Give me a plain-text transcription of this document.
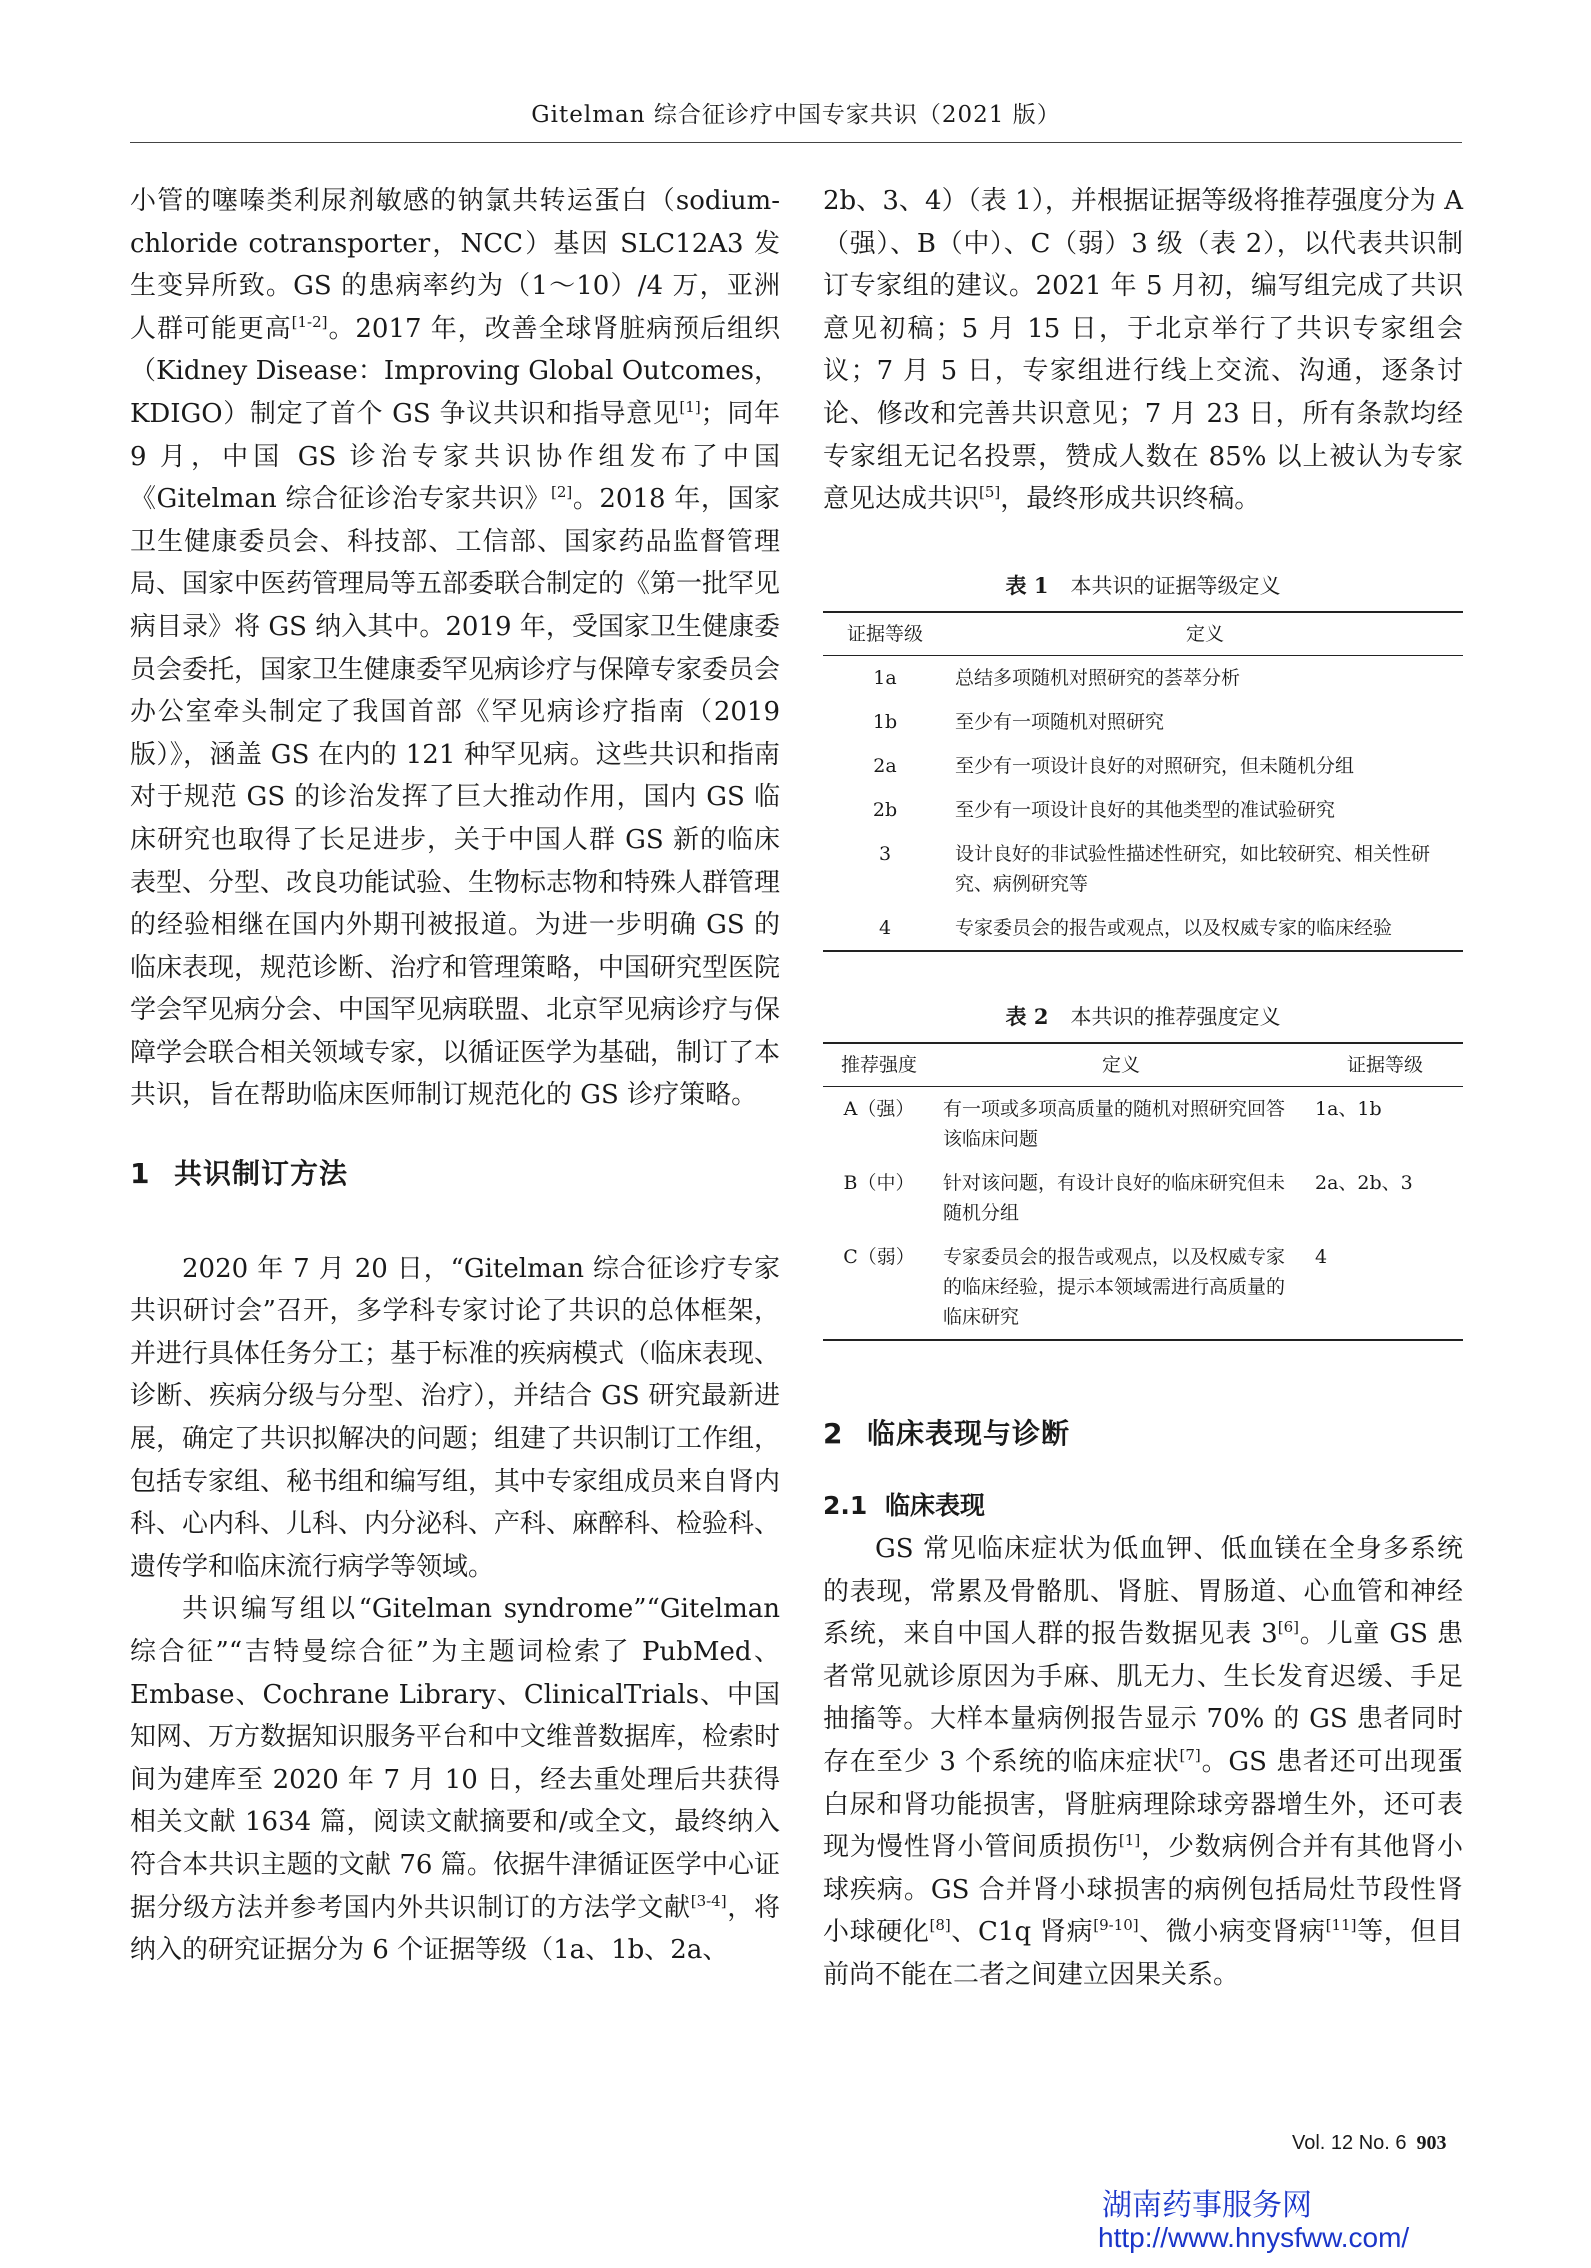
Gitelman 综合征诊疗中国专家共识（2021 版）

小管的噻嗪类利尿剂敏感的钠氯共转运蛋白（sodium-chloride cotransporter，NCC）基因 SLC12A3 发生变异所致。GS 的患病率约为（1～10）/4 万，亚洲人群可能更高[1-2]。2017 年，改善全球肾脏病预后组织（Kidney Disease：Improving Global Outcomes，KDIGO）制定了首个 GS 争议共识和指导意见[1]；同年 9 月，中国 GS 诊治专家共识协作组发布了中国《Gitelman 综合征诊治专家共识》[2]。2018 年，国家卫生健康委员会、科技部、工信部、国家药品监督管理局、国家中医药管理局等五部委联合制定的《第一批罕见病目录》将 GS 纳入其中。2019 年，受国家卫生健康委员会委托，国家卫生健康委罕见病诊疗与保障专家委员会办公室牵头制定了我国首部《罕见病诊疗指南（2019 版）》，涵盖 GS 在内的 121 种罕见病。这些共识和指南对于规范 GS 的诊治发挥了巨大推动作用，国内 GS 临床研究也取得了长足进步，关于中国人群 GS 新的临床表型、分型、改良功能试验、生物标志物和特殊人群管理的经验相继在国内外期刊被报道。为进一步明确 GS 的临床表现，规范诊断、治疗和管理策略，中国研究型医院学会罕见病分会、中国罕见病联盟、北京罕见病诊疗与保障学会联合相关领域专家，以循证医学为基础，制订了本共识，旨在帮助临床医师制订规范化的 GS 诊疗策略。

1 共识制订方法

2020 年 7 月 20 日，“Gitelman 综合征诊疗专家共识研讨会”召开，多学科专家讨论了共识的总体框架，并进行具体任务分工；基于标准的疾病模式（临床表现、诊断、疾病分级与分型、治疗），并结合 GS 研究最新进展，确定了共识拟解决的问题；组建了共识制订工作组，包括专家组、秘书组和编写组，其中专家组成员来自肾内科、心内科、儿科、内分泌科、产科、麻醉科、检验科、遗传学和临床流行病学等领域。

共识编写组以“Gitelman syndrome”“Gitelman 综合征”“吉特曼综合征”为主题词检索了 PubMed、Embase、Cochrane Library、ClinicalTrials、中国知网、万方数据知识服务平台和中文维普数据库，检索时间为建库至 2020 年 7 月 10 日，经去重处理后共获得相关文献 1634 篇，阅读文献摘要和/或全文，最终纳入符合本共识主题的文献 76 篇。依据牛津循证医学中心证据分级方法并参考国内外共识制订的方法学文献[3-4]，将纳入的研究证据分为 6 个证据等级（1a、1b、2a、

2b、3、4）（表 1），并根据证据等级将推荐强度分为 A（强）、B（中）、C（弱）3 级（表 2），以代表共识制订专家组的建议。2021 年 5 月初，编写组完成了共识意见初稿；5 月 15 日，于北京举行了共识专家组会议；7 月 5 日，专家组进行线上交流、沟通，逐条讨论、修改和完善共识意见；7 月 23 日，所有条款均经专家组无记名投票，赞成人数在 85% 以上被认为专家意见达成共识[5]，最终形成共识终稿。

表 1 本共识的证据等级定义
证据等级	定义
1a	总结多项随机对照研究的荟萃分析
1b	至少有一项随机对照研究
2a	至少有一项设计良好的对照研究，但未随机分组
2b	至少有一项设计良好的其他类型的准试验研究
3	设计良好的非试验性描述性研究，如比较研究、相关性研究、病例研究等
4	专家委员会的报告或观点，以及权威专家的临床经验
表 2 本共识的推荐强度定义
推荐强度	定义	证据等级
A（强）	有一项或多项高质量的随机对照研究回答该临床问题	1a、1b
B（中）	针对该问题，有设计良好的临床研究但未随机分组	2a、2b、3
C（弱）	专家委员会的报告或观点，以及权威专家的临床经验，提示本领域需进行高质量的临床研究	4
2 临床表现与诊断
2.1 临床表现

GS 常见临床症状为低血钾、低血镁在全身多系统的表现，常累及骨骼肌、肾脏、胃肠道、心血管和神经系统，来自中国人群的报告数据见表 3[6]。儿童 GS 患者常见就诊原因为手麻、肌无力、生长发育迟缓、手足抽搐等。大样本量病例报告显示 70% 的 GS 患者同时存在至少 3 个系统的临床症状[7]。GS 患者还可出现蛋白尿和肾功能损害，肾脏病理除球旁器增生外，还可表现为慢性肾小管间质损伤[1]，少数病例合并有其他肾小球疾病。GS 合并肾小球损害的病例包括局灶节段性肾小球硬化[8]、C1q 肾病[9-10]、微小病变肾病[11]等，但目前尚不能在二者之间建立因果关系。

Vol. 12 No. 6 903
湖南药事服务网
http://www.hnysfww.com/
